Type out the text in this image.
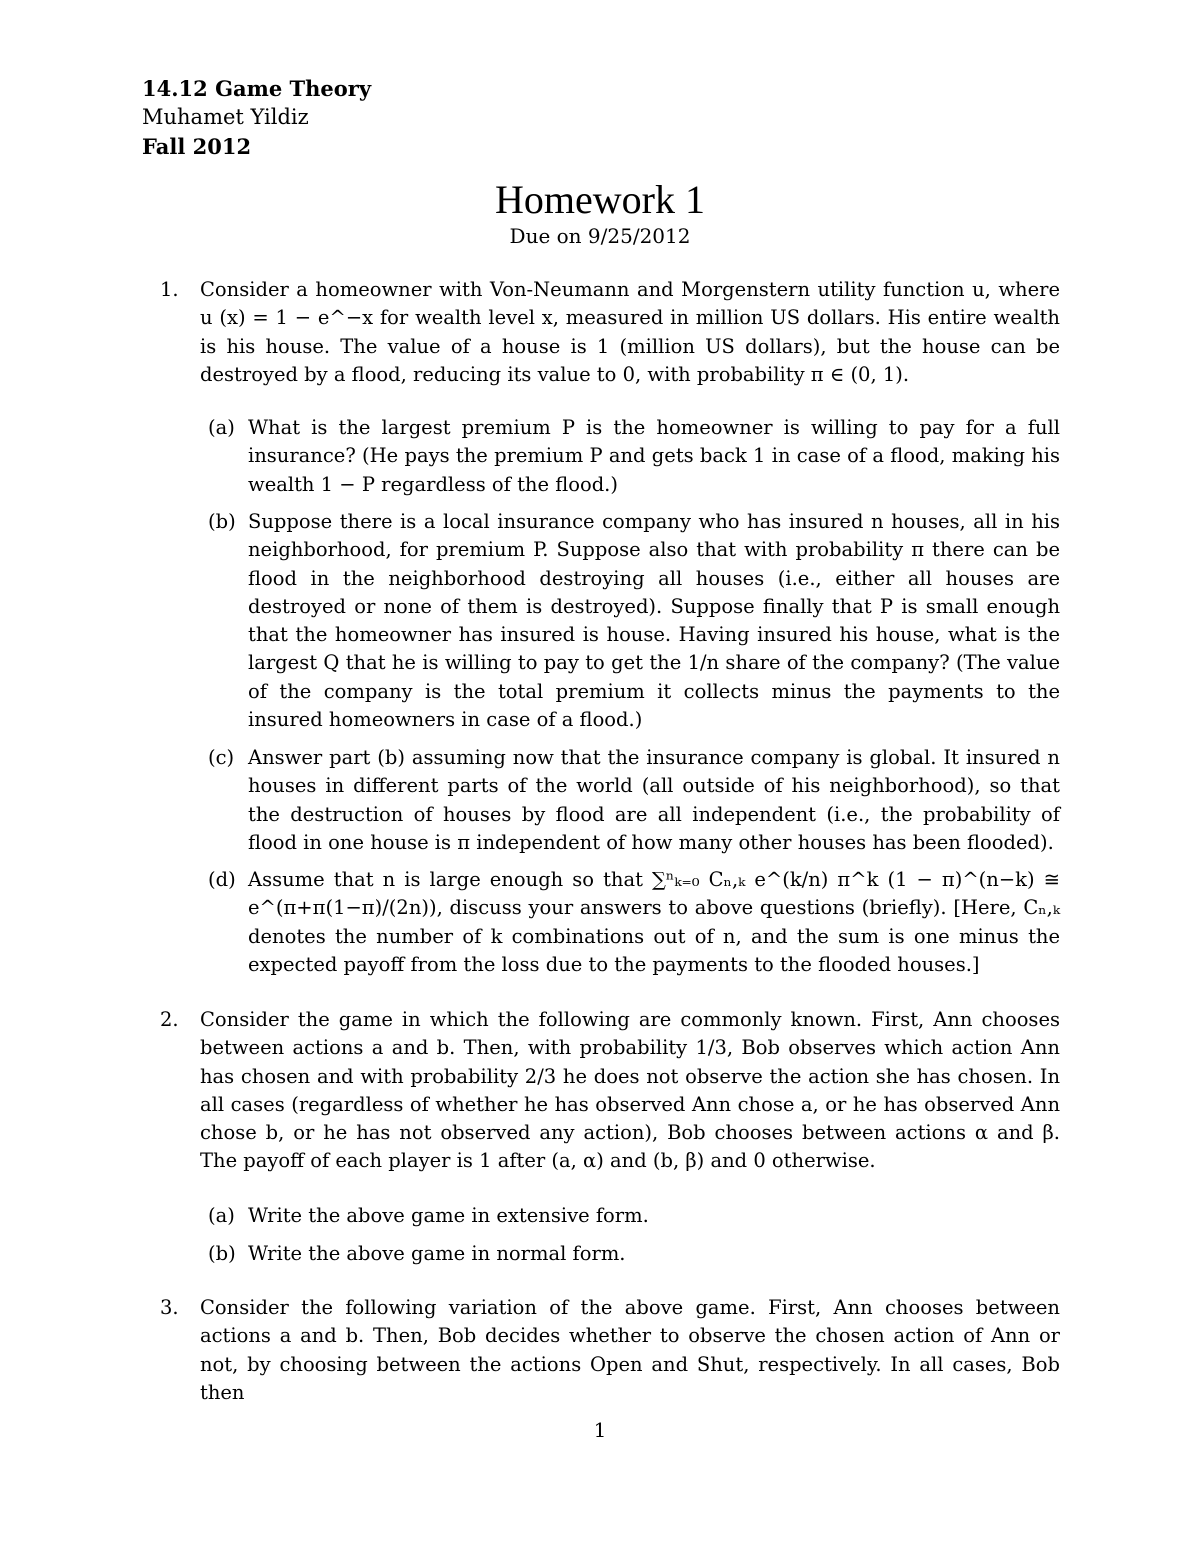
14.12 Game Theory
Muhamet Yildiz
Fall 2012
Homework 1
Due on 9/25/2012
1.	Consider a homeowner with Von-Neumann and Morgenstern utility function u, where u (x) = 1 − e^−x for wealth level x, measured in million US dollars. His entire wealth is his house. The value of a house is 1 (million US dollars), but the house can be destroyed by a flood, reducing its value to 0, with probability π ∈ (0, 1).
(a) What is the largest premium P is the homeowner is willing to pay for a full insurance? (He pays the premium P and gets back 1 in case of a flood, making his wealth 1 − P regardless of the flood.)
(b) Suppose there is a local insurance company who has insured n houses, all in his neighborhood, for premium P. Suppose also that with probability π there can be flood in the neighborhood destroying all houses (i.e., either all houses are destroyed or none of them is destroyed). Suppose finally that P is small enough that the homeowner has insured is house. Having insured his house, what is the largest Q that he is willing to pay to get the 1/n share of the company? (The value of the company is the total premium it collects minus the payments to the insured homeowners in case of a flood.)
(c) Answer part (b) assuming now that the insurance company is global. It insured n houses in different parts of the world (all outside of his neighborhood), so that the destruction of houses by flood are all independent (i.e., the probability of flood in one house is π independent of how many other houses has been flooded).
(d) Assume that n is large enough so that ∑ⁿₖ₌₀ Cₙ,ₖ e^(k/n) π^k (1 − π)^(n−k) ≅ e^(π+π(1−π)/(2n)), discuss your answers to above questions (briefly). [Here, Cₙ,ₖ denotes the number of k combinations out of n, and the sum is one minus the expected payoff from the loss due to the payments to the flooded houses.]
2.	Consider the game in which the following are commonly known. First, Ann chooses between actions a and b. Then, with probability 1/3, Bob observes which action Ann has chosen and with probability 2/3 he does not observe the action she has chosen. In all cases (regardless of whether he has observed Ann chose a, or he has observed Ann chose b, or he has not observed any action), Bob chooses between actions α and β. The payoff of each player is 1 after (a, α) and (b, β) and 0 otherwise.
(a) Write the above game in extensive form.
(b) Write the above game in normal form.
3.	Consider the following variation of the above game. First, Ann chooses between actions a and b. Then, Bob decides whether to observe the chosen action of Ann or not, by choosing between the actions Open and Shut, respectively. In all cases, Bob then
1
